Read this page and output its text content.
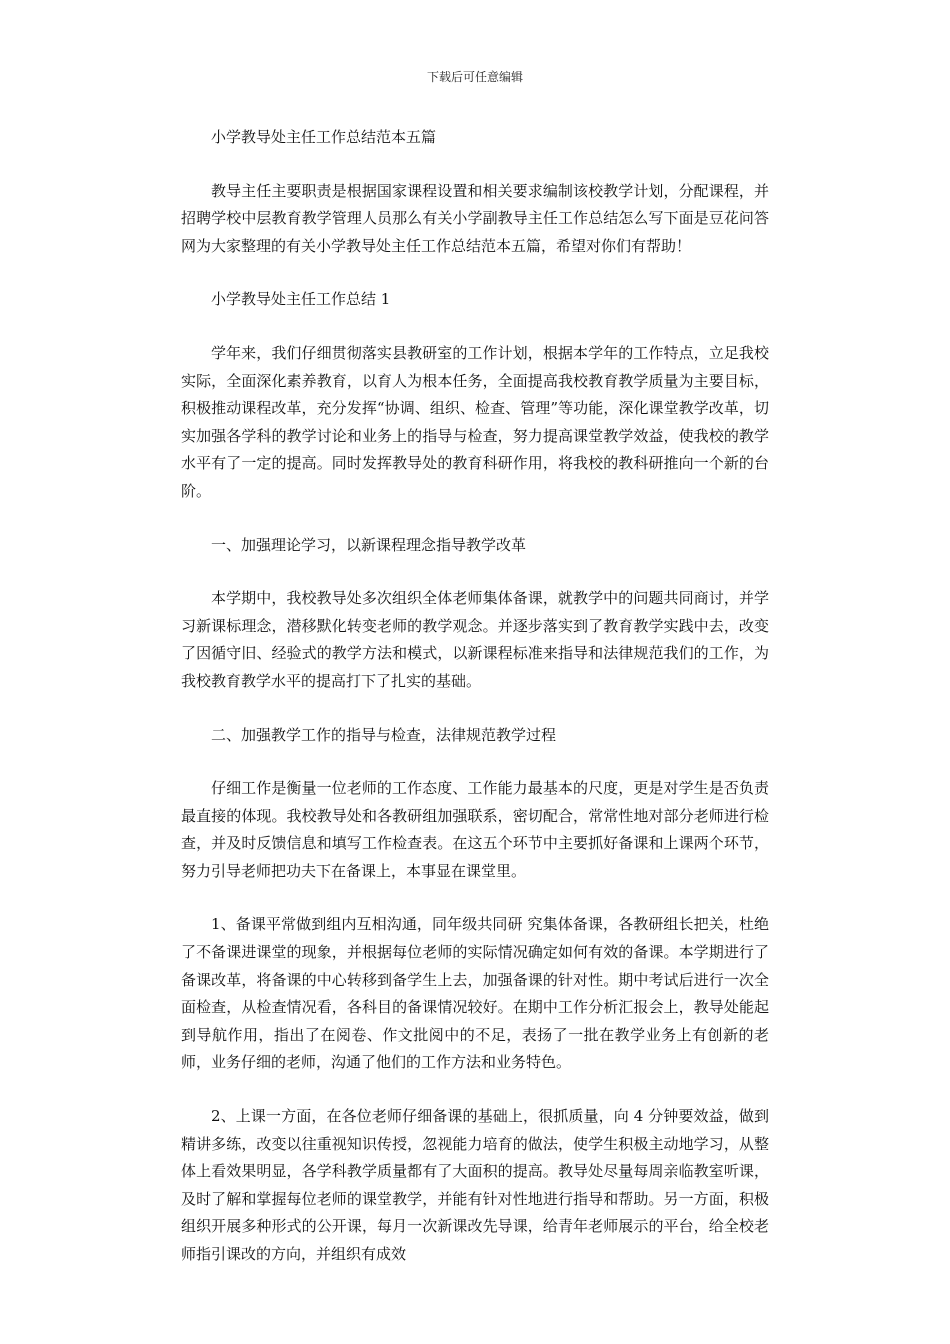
下载后可任意编辑

小学教导处主任工作总结范本五篇

教导主任主要职责是根据国家课程设置和相关要求编制该校教学计划，分配课程，并招聘学校中层教育教学管理人员那么有关小学副教导主任工作总结怎么写下面是豆花问答网为大家整理的有关小学教导处主任工作总结范本五篇，希望对你们有帮助！

小学教导处主任工作总结 1

学年来，我们仔细贯彻落实县教研室的工作计划，根据本学年的工作特点，立足我校实际，全面深化素养教育，以育人为根本任务，全面提高我校教育教学质量为主要目标，积极推动课程改革，充分发挥“协调、组织、检查、管理”等功能，深化课堂教学改革，切实加强各学科的教学讨论和业务上的指导与检查，努力提高课堂教学效益，使我校的教学水平有了一定的提高。同时发挥教导处的教育科研作用，将我校的教科研推向一个新的台阶。

一、加强理论学习，以新课程理念指导教学改革

本学期中，我校教导处多次组织全体老师集体备课，就教学中的问题共同商讨，并学习新课标理念，潜移默化转变老师的教学观念。并逐步落实到了教育教学实践中去，改变了因循守旧、经验式的教学方法和模式，以新课程标准来指导和法律规范我们的工作，为我校教育教学水平的提高打下了扎实的基础。

二、加强教学工作的指导与检查，法律规范教学过程

仔细工作是衡量一位老师的工作态度、工作能力最基本的尺度，更是对学生是否负责最直接的体现。我校教导处和各教研组加强联系，密切配合，常常性地对部分老师进行检查，并及时反馈信息和填写工作检查表。在这五个环节中主要抓好备课和上课两个环节，努力引导老师把功夫下在备课上，本事显在课堂里。

1、备课平常做到组内互相沟通，同年级共同研 究集体备课，各教研组长把关，杜绝了不备课进课堂的现象，并根据每位老师的实际情况确定如何有效的备课。本学期进行了备课改革，将备课的中心转移到备学生上去，加强备课的针对性。期中考试后进行一次全面检查，从检查情况看，各科目的备课情况较好。在期中工作分析汇报会上，教导处能起到导航作用，指出了在阅卷、作文批阅中的不足，表扬了一批在教学业务上有创新的老师，业务仔细的老师，沟通了他们的工作方法和业务特色。

2、上课一方面，在各位老师仔细备课的基础上，很抓质量，向 4 分钟要效益，做到精讲多练，改变以往重视知识传授，忽视能力培育的做法，使学生积极主动地学习，从整体上看效果明显，各学科教学质量都有了大面积的提高。教导处尽量每周亲临教室听课，及时了解和掌握每位老师的课堂教学，并能有针对性地进行指导和帮助。另一方面，积极组织开展多种形式的公开课，每月一次新课改先导课，给青年老师展示的平台，给全校老师指引课改的方向，并组织有成效
